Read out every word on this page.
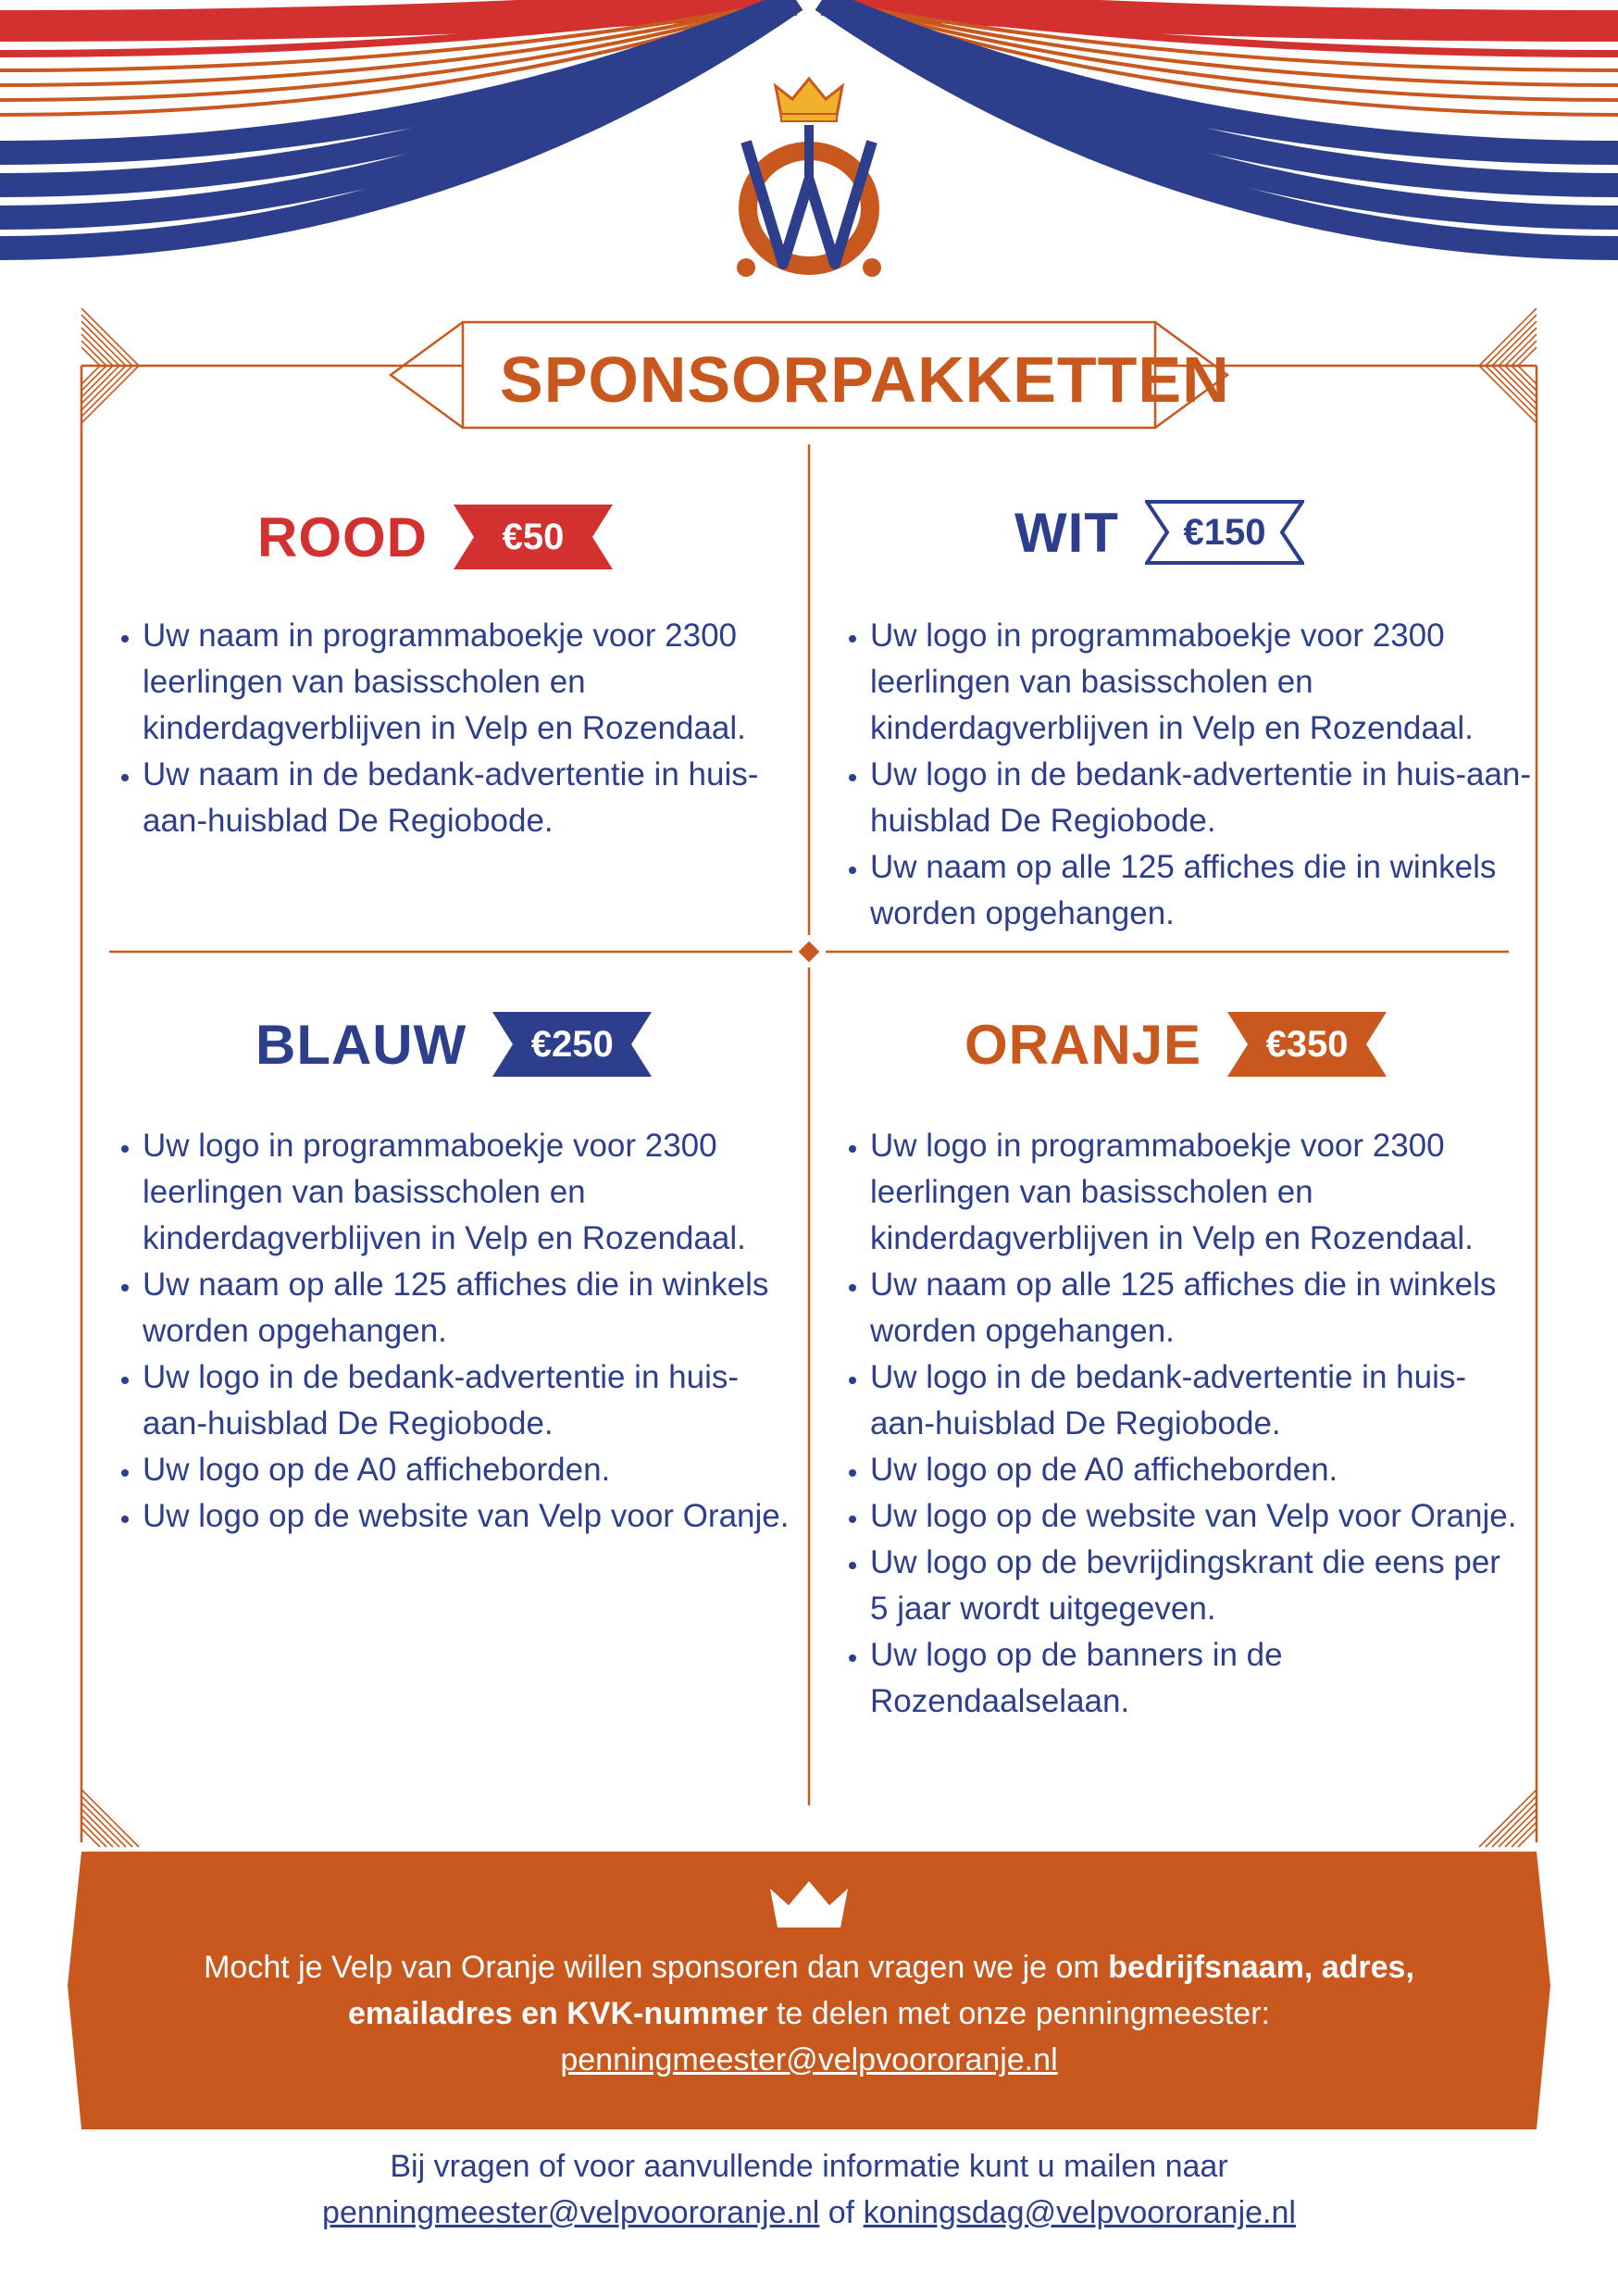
SPONSORPAKKETTEN
ROOD	€50
• Uw naam in programmaboekje voor 2300 leerlingen van basisscholen en kinderdagverblijven in Velp en Rozendaal.
• Uw naam in de bedank-advertentie in huis-aan-huisblad De Regiobode.
WIT	€150
• Uw logo in programmaboekje voor 2300 leerlingen van basisscholen en kinderdagverblijven in Velp en Rozendaal.
• Uw logo in de bedank-advertentie in huis-aan-huisblad De Regiobode.
• Uw naam op alle 125 affiches die in winkels worden opgehangen.
BLAUW	€250
• Uw logo in programmaboekje voor 2300 leerlingen van basisscholen en kinderdagverblijven in Velp en Rozendaal.
• Uw naam op alle 125 affiches die in winkels worden opgehangen.
• Uw logo in de bedank-advertentie in huis-aan-huisblad De Regiobode.
• Uw logo op de A0 afficheborden.
• Uw logo op de website van Velp voor Oranje.
ORANJE	€350
• Uw logo in programmaboekje voor 2300 leerlingen van basisscholen en kinderdagverblijven in Velp en Rozendaal.
• Uw naam op alle 125 affiches die in winkels worden opgehangen.
• Uw logo in de bedank-advertentie in huis-aan-huisblad De Regiobode.
• Uw logo op de A0 afficheborden.
• Uw logo op de website van Velp voor Oranje.
• Uw logo op de bevrijdingskrant die eens per 5 jaar wordt uitgegeven.
• Uw logo op de banners in de Rozendaalselaan.
Mocht je Velp van Oranje willen sponsoren dan vragen we je om bedrijfsnaam, adres, emailadres en KVK-nummer te delen met onze penningmeester:
penningmeester@velpvoororanje.nl
Bij vragen of voor aanvullende informatie kunt u mailen naar
penningmeester@velpvoororanje.nl of koningsdag@velpvoororanje.nl
